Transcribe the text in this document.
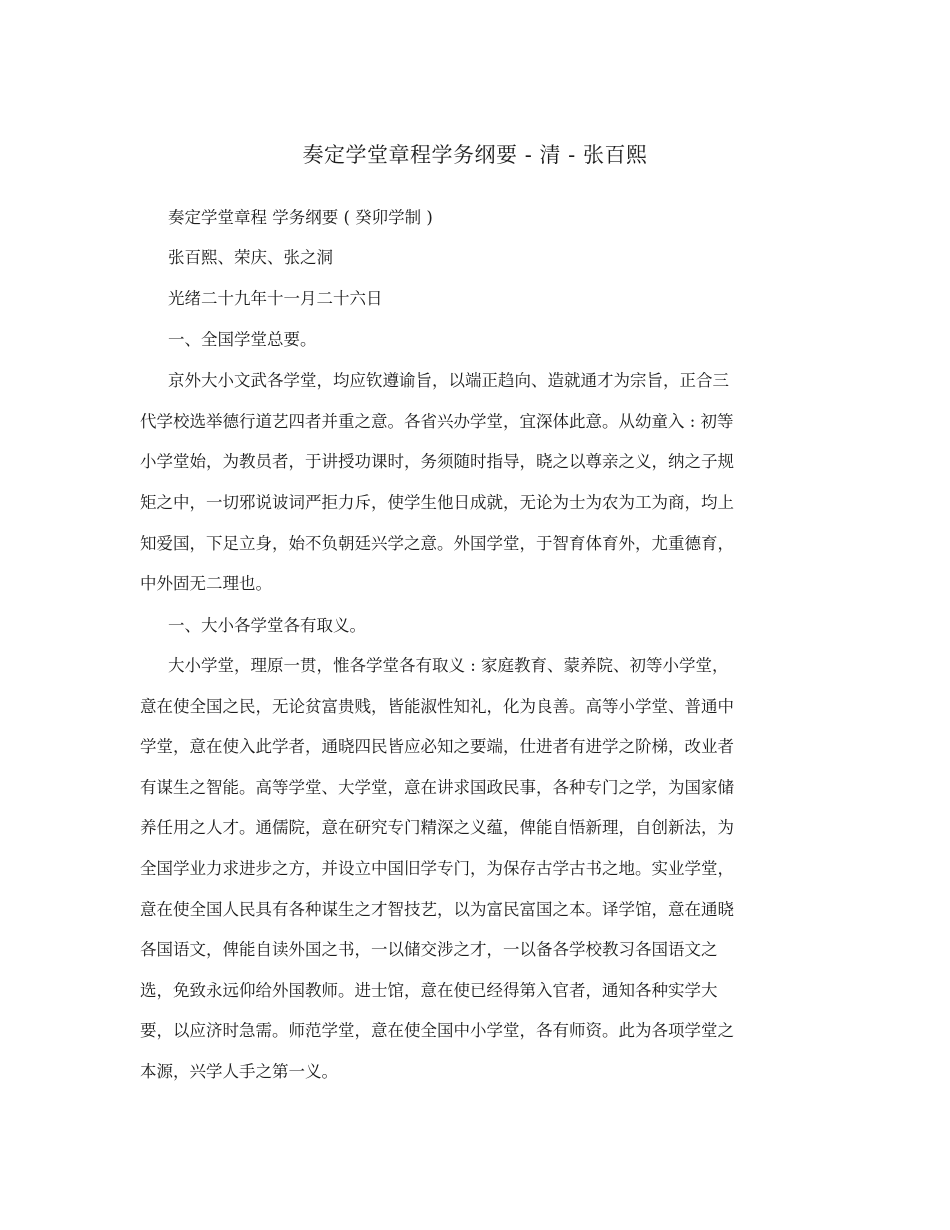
奏定学堂章程学务纲要 - 清 - 张百熙
奏定学堂章程 学务纲要 ( 癸卯学制 )
张百熙、荣庆、张之洞
光绪二十九年十一月二十六日
一、全国学堂总要。
京外大小文武各学堂，均应钦遵谕旨，以端正趋向、造就通才为宗旨，正合三
代学校选举德行道艺四者并重之意。各省兴办学堂，宜深体此意。从幼童入 : 初等
小学堂始，为教员者，于讲授功课时，务须随时指导，晓之以尊亲之义，纳之子规
矩之中，一切邪说诐词严拒力斥，使学生他日成就，无论为士为农为工为商，均上
知爱国，下足立身，始不负朝廷兴学之意。外国学堂，于智育体育外，尤重德育，
中外固无二理也。
一、大小各学堂各有取义。
大小学堂，理原一贯，惟各学堂各有取义 : 家庭教育、蒙养院、初等小学堂，
意在使全国之民，无论贫富贵贱，皆能淑性知礼，化为良善。高等小学堂、普通中
学堂，意在使入此学者，通晓四民皆应必知之要端，仕进者有进学之阶梯，改业者
有谋生之智能。高等学堂、大学堂，意在讲求国政民事，各种专门之学，为国家储
养任用之人才。通儒院，意在研究专门精深之义蕴，俾能自悟新理，自创新法，为
全国学业力求进步之方，并设立中国旧学专门，为保存古学古书之地。实业学堂，
意在使全国人民具有各种谋生之才智技艺，以为富民富国之本。译学馆，意在通晓
各国语文，俾能自读外国之书，一以储交涉之才，一以备各学校教习各国语文之
选，免致永远仰给外国教师。进士馆，意在使已经得第入官者，通知各种实学大
要，以应济时急需。师范学堂，意在使全国中小学堂，各有师资。此为各项学堂之
本源，兴学人手之第一义。
